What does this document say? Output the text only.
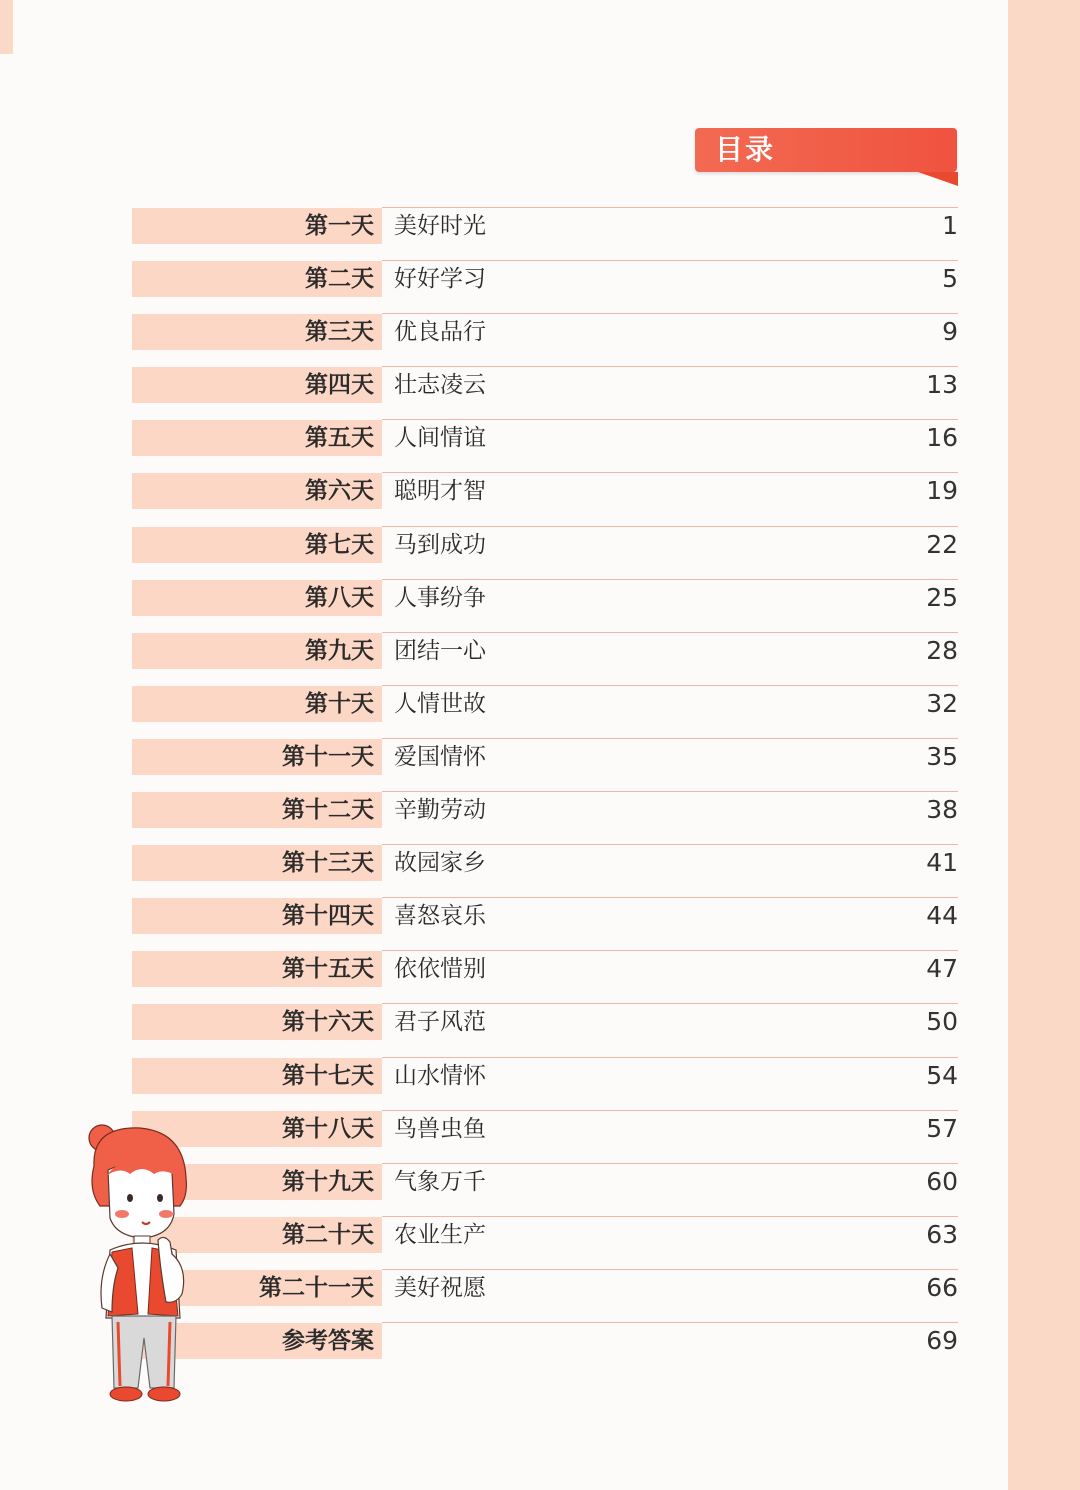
目录
第一天 美好时光	1
第二天 好好学习	5
第三天 优良品行	9
第四天 壮志凌云	13
第五天 人间情谊	16
第六天 聪明才智	19
第七天 马到成功	22
第八天 人事纷争	25
第九天 团结一心	28
第十天 人情世故	32
第十一天 爱国情怀	35
第十二天 辛勤劳动	38
第十三天 故园家乡	41
第十四天 喜怒哀乐	44
第十五天 依依惜别	47
第十六天 君子风范	50
第十七天 山水情怀	54
第十八天 鸟兽虫鱼	57
第十九天 气象万千	60
第二十天 农业生产	63
第二十一天 美好祝愿	66
参考答案	69
